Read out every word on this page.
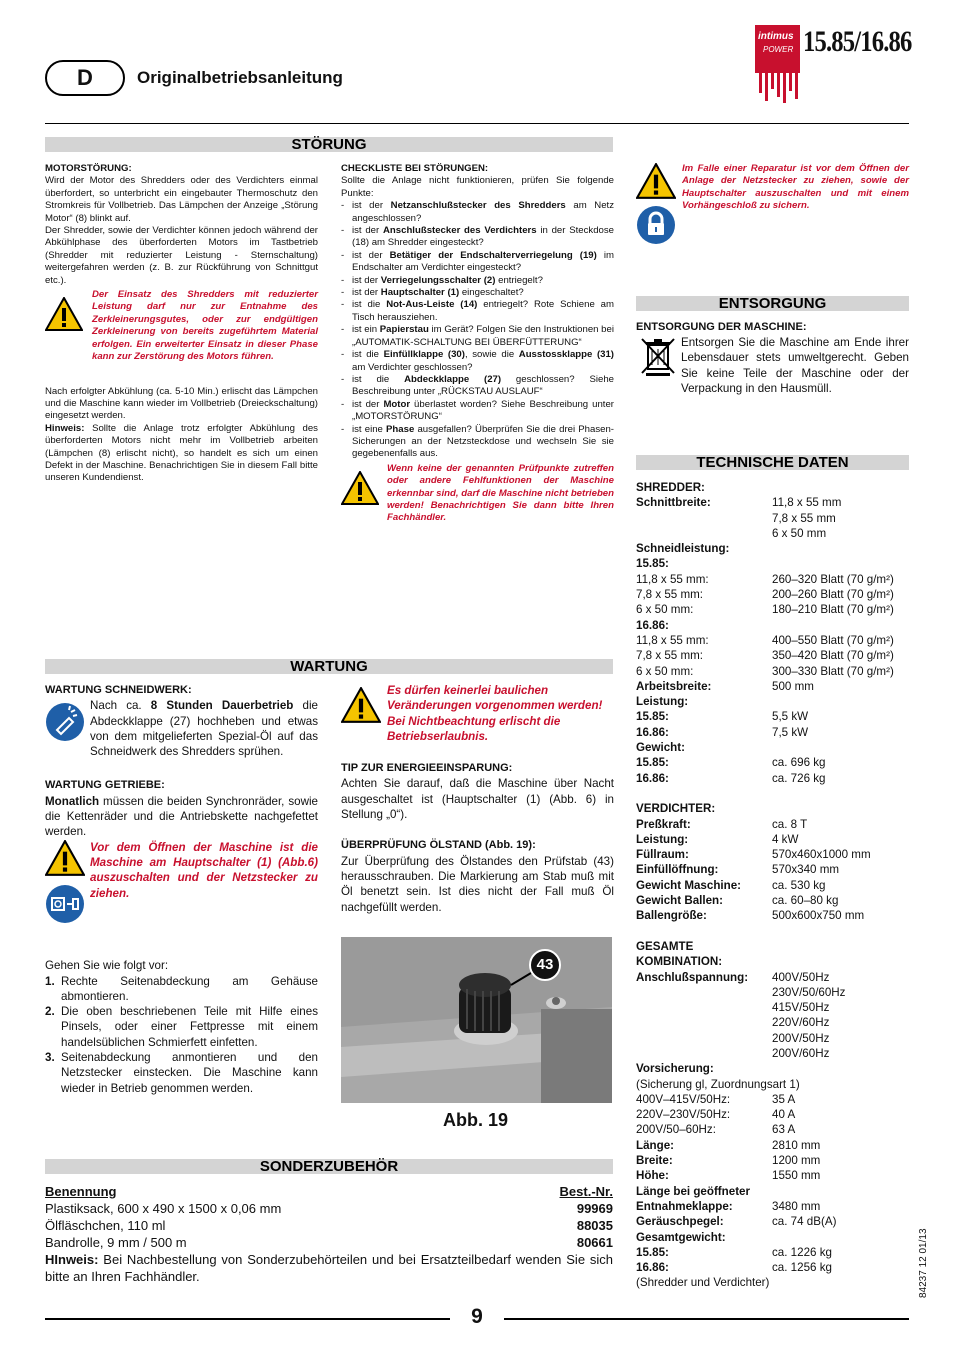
D	Originalbetriebsanleitung
intimus
POWER 15.85/16.86
STÖRUNG
MOTORSTÖRUNG:
Wird der Motor des Shredders oder des Verdichters einmal überfordert, so unterbricht ein eingebauter Thermoschutz den Stromkreis für Vollbetrieb. Das Lämpchen der Anzeige „Störung Motor“ (8) blinkt auf.
Der Shredder, sowie der Verdichter können jedoch während der Abkühlphase des überforderten Motors im Tastbetrieb (Shredder mit reduzierter Leistung - Sternschaltung) weitergefahren werden (z. B. zur Rückführung von Schnittgut etc.).
Der Einsatz des Shredders mit reduzierter Leistung darf nur zur Entnahme des Zerkleinerungsgutes, oder zur endgültigen Zerkleinerung von bereits zugeführtem Material erfolgen. Ein erweiterter Einsatz in dieser Phase kann zur Zerstörung des Motors führen.
Nach erfolgter Abkühlung (ca. 5-10 Min.) erlischt das Lämpchen und die Maschine kann wieder im Vollbetrieb (Dreieckschaltung) eingesetzt werden.
Hinweis: Sollte die Anlage trotz erfolgter Abkühlung des überforderten Motors nicht mehr im Vollbetrieb arbeiten (Lämpchen (8) erlischt nicht), so handelt es sich um einen Defekt in der Maschine. Benachrichtigen Sie in diesem Fall bitte unseren Kundendienst.
CHECKLISTE BEI STÖRUNGEN:
Sollte die Anlage nicht funktionieren, prüfen Sie folgende Punkte:
- ist der Netzanschlußstecker des Shredders am Netz angeschlossen?
- ist der Anschlußstecker des Verdichters in der Steckdose (18) am Shredder eingesteckt?
- ist der Betätiger der Endschalterverriegelung (19) im Endschalter am Verdichter eingesteckt?
- ist der Verriegelungsschalter (2) entriegelt?
- ist der Hauptschalter (1) eingeschaltet?
- ist die Not-Aus-Leiste (14) entriegelt? Rote Schiene am Tisch herausziehen.
- ist ein Papierstau im Gerät? Folgen Sie den Instruktionen bei „AUTOMATIK-SCHALTUNG BEI ÜBERFÜTTERUNG“
- ist die Einfüllklappe (30), sowie die Ausstossklappe (31) am Verdichter geschlossen?
- ist die Abdeckklappe (27) geschlossen? Siehe Beschreibung unter „RÜCKSTAU AUSLAUF“
- ist der Motor überlastet worden? Siehe Beschreibung unter „MOTORSTÖRUNG“
- ist eine Phase ausgefallen? Überprüfen Sie die drei Phasen-Sicherungen an der Netzsteckdose und wechseln Sie sie gegebenenfalls aus.
Wenn keine der genannten Prüfpunkte zutreffen oder andere Fehlfunktionen der Maschine erkennbar sind, darf die Maschine nicht betrieben werden! Benachrichtigen Sie dann bitte Ihren Fachhändler.

Im Falle einer Reparatur ist vor dem Öffnen der Anlage der Netzstecker zu ziehen, sowie der Hauptschalter auszuschalten und mit einem Vorhängeschloß zu sichern.
ENTSORGUNG
ENTSORGUNG DER MASCHINE:
Entsorgen Sie die Maschine am Ende ihrer Lebensdauer stets umweltgerecht. Geben Sie keine Teile der Maschine oder der Verpackung in den Hausmüll.
TECHNISCHE DATEN
SHREDDER:
Schnittbreite:	11,8 x 55 mm
7,8 x 55 mm
6 x 50 mm
Schneidleistung:
15.85:
11,8 x 55 mm:	260–320 Blatt (70 g/m²)
7,8 x 55 mm:	200–260 Blatt (70 g/m²)
6 x 50 mm:	180–210 Blatt (70 g/m²)
16.86:
11,8 x 55 mm:	400–550 Blatt (70 g/m²)
7,8 x 55 mm:	350–420 Blatt (70 g/m²)
6 x 50 mm:	300–330 Blatt (70 g/m²)
Arbeitsbreite:	500 mm
Leistung:
15.85:	5,5 kW
16.86:	7,5 kW
Gewicht:
15.85:	ca. 696 kg
16.86:	ca. 726 kg
VERDICHTER:
Preßkraft:	ca. 8 T
Leistung:	4 kW
Füllraum:	570x460x1000 mm
Einfüllöffnung:	570x340 mm
Gewicht Maschine:	ca. 530 kg
Gewicht Ballen:	ca. 60–80 kg
Ballengröße:	500x600x750 mm
GESAMTE KOMBINATION:
Anschlußspannung:	400V/50Hz
230V/50/60Hz
415V/50Hz
220V/60Hz
200V/50Hz
200V/60Hz
Vorsicherung:
(Sicherung gl, Zuordnungsart 1)
400V–415V/50Hz:	35 A
220V–230V/50Hz:	40 A
200V/50–60Hz:	63 A
Länge:	2810 mm
Breite:	1200 mm
Höhe:	1550 mm
Länge bei geöffneter
Entnahmeklappe:	3480 mm
Geräuschpegel:	ca. 74 dB(A)
Gesamtgewicht:
15.85:	ca. 1226 kg
16.86:	ca. 1256 kg
(Shredder und Verdichter)
WARTUNG
WARTUNG SCHNEIDWERK:
Nach ca. 8 Stunden Dauerbetrieb die Abdeckklappe (27) hochheben und etwas von dem mitgelieferten Spezial-Öl auf das Schneidwerk des Shredders sprühen.
WARTUNG GETRIEBE:
Monatlich müssen die beiden Synchronräder, sowie die Kettenräder und die Antriebskette nachgefettet werden.

Vor dem Öffnen der Maschine ist die Maschine am Hauptschalter (1) (Abb.6) auszuschalten und der Netzstecker zu ziehen.
Gehen Sie wie folgt vor:
1. Rechte Seitenabdeckung am Gehäuse abmontieren.
2. Die oben beschriebenen Teile mit Hilfe eines Pinsels, oder einer Fettpresse mit einem handelsüblichen Schmierfett einfetten.
3. Seitenabdeckung anmontieren und den Netzstecker einstecken. Die Maschine kann wieder in Betrieb genommen werden.
Es dürfen keinerlei baulichen Veränderungen vorgenommen werden!
Bei Nichtbeachtung erlischt die Betriebserlaubnis.
TIP ZUR ENERGIEEINSPARUNG:
Achten Sie darauf, daß die Maschine über Nacht ausgeschaltet ist (Hauptschalter (1) (Abb. 6) in Stellung „0“).
ÜBERPRÜFUNG ÖLSTAND (Abb. 19):
Zur Überprüfung des Ölstandes den Prüfstab (43) herausschrauben. Die Markierung am Stab muß mit Öl benetzt sein. Ist dies nicht der Fall muß Öl nachgefüllt werden.
43
Abb. 19
SONDERZUBEHÖR
Benennung	Best.-Nr.
Plastiksack, 600 x 490 x 1500 x 0,06 mm	99969
Ölfläschchen, 110 ml	88035
Bandrolle, 9 mm / 500 m	80661
HInweis: Bei Nachbestellung von Sonderzubehörteilen und bei Ersatzteilbedarf wenden Sie sich bitte an Ihren Fachhändler.	84237 12 01/13
9
